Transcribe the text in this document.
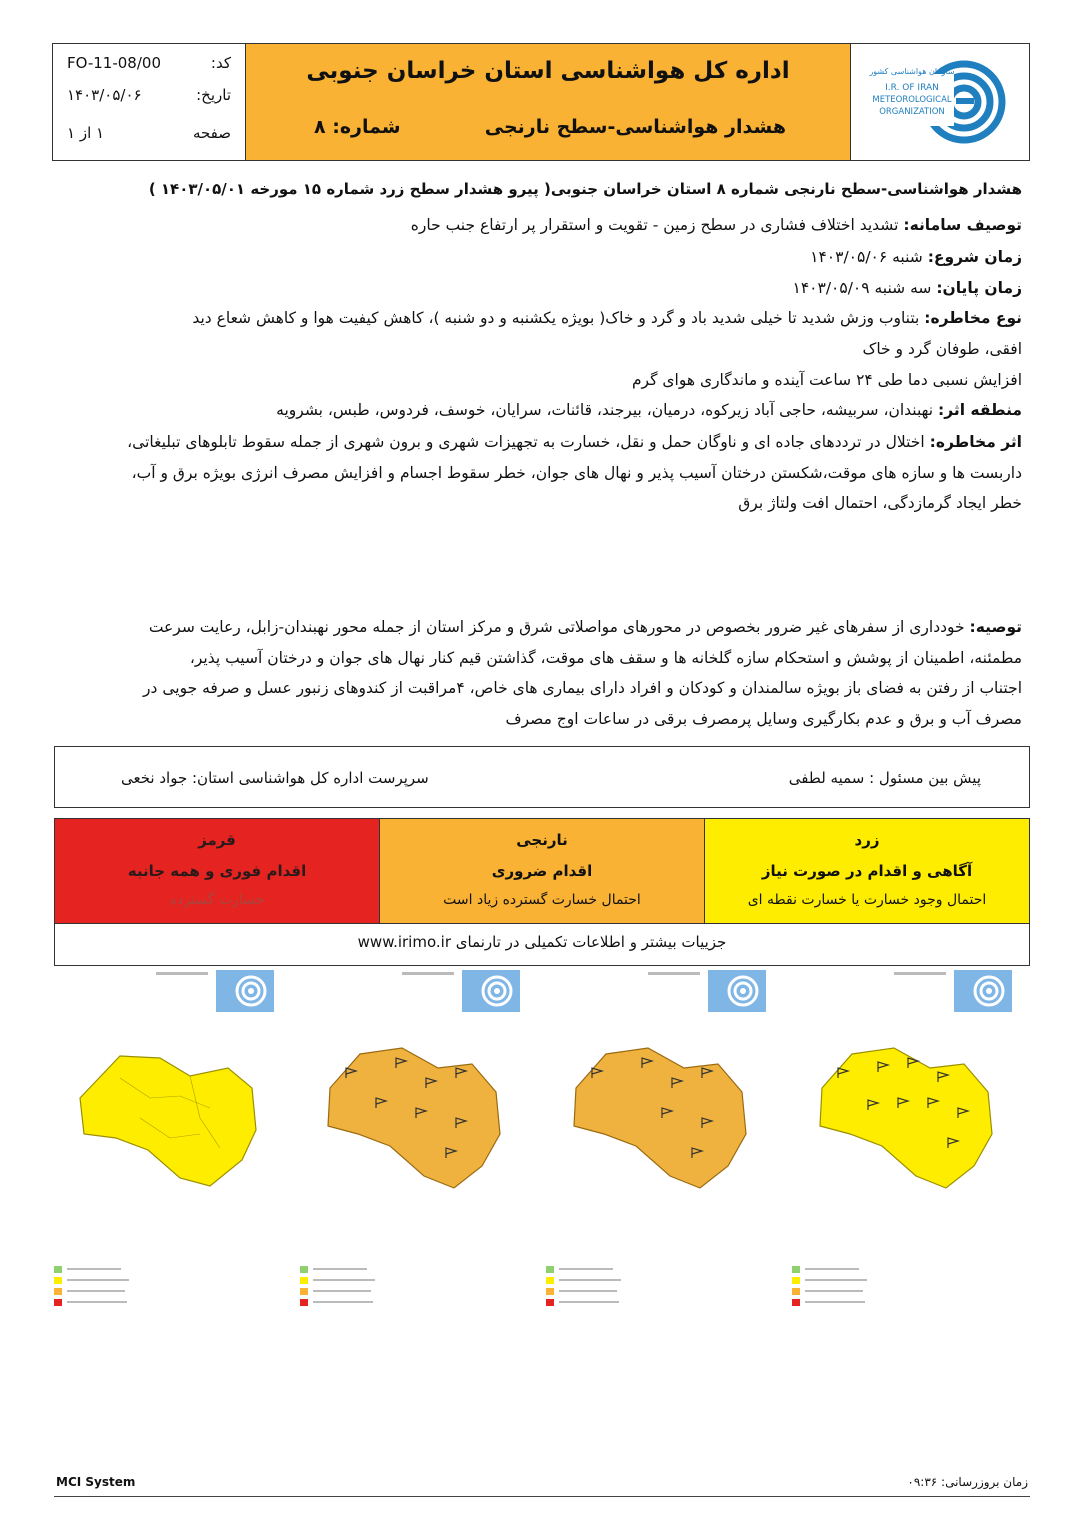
کد:
FO-11-08/00
تاریخ:
۱۴۰۳/۰۵/۰۶
صفحه
۱ از ۱
اداره کل هواشناسی استان خراسان جنوبی
هشدار هواشناسی-سطح نارنجی
شماره: ۸
سازمان هواشناسی کشور
I.R. OF IRAN
METEOROLOGICAL
ORGANIZATION
هشدار هواشناسی-سطح نارنجی شماره ۸ استان خراسان جنوبی( پیرو هشدار سطح زرد شماره ۱۵ مورخه ۱۴۰۳/۰۵/۰۱ )
توصیف سامانه: تشدید اختلاف فشاری در سطح زمین - تقویت و استقرار پر ارتفاع جنب حاره
زمان شروع: شنبه ۱۴۰۳/۰۵/۰۶
زمان پایان: سه شنبه ۱۴۰۳/۰۵/۰۹
نوع مخاطره: بتناوب وزش شدید تا خیلی شدید باد و گرد و خاک( بویژه یکشنبه و دو شنبه )، کاهش کیفیت هوا و کاهش شعاع دید
افقی، طوفان گرد و خاک
افزایش نسبی دما طی ۲۴ ساعت آینده و ماندگاری هوای گرم
منطقه اثر: نهبندان، سربیشه، حاجی آباد زیرکوه، درمیان، بیرجند، قائنات، سرایان، خوسف، فردوس، طبس، بشرویه
اثر مخاطره: اختلال در ترددهای جاده ای و ناوگان حمل و نقل، خسارت به تجهیزات شهری و برون شهری از جمله سقوط تابلوهای تبلیغاتی،
داربست ها و سازه های موقت،شکستن درختان آسیب پذیر و نهال های جوان، خطر سقوط اجسام و افزایش مصرف انرژی بویژه برق و آب،
خطر ایجاد گرمازدگی، احتمال افت ولتاژ برق
توصیه: خودداری از سفرهای غیر ضرور بخصوص در محورهای مواصلاتی شرق و مرکز استان از جمله محور نهبندان-زابل، رعایت سرعت
مطمئنه، اطمینان از پوشش و استحکام سازه گلخانه ها و سقف های موقت، گذاشتن قیم کنار نهال های جوان و درختان آسیب پذیر،
اجتناب از رفتن به فضای باز بویژه سالمندان و کودکان و افراد دارای بیماری های خاص، ۴مراقبت از کندوهای زنبور عسل و صرفه جویی در
مصرف آب و برق و عدم بکارگیری وسایل پرمصرف برقی در ساعات اوج مصرف
پیش بین مسئول : سمیه لطفی
سرپرست اداره کل هواشناسی استان: جواد نخعی
قرمز
اقدام فوری و همه جانبه
خسارت گسترده
نارنجی
اقدام ضروری
احتمال خسارت گسترده زیاد است
زرد
آگاهی و اقدام در صورت نیاز
احتمال وجود خسارت یا خسارت نقطه ای
جزییات بیشتر و اطلاعات تکمیلی در تارنمای www.irimo.ir
MCI System	زمان بروزرسانی: ۰۹:۳۶
